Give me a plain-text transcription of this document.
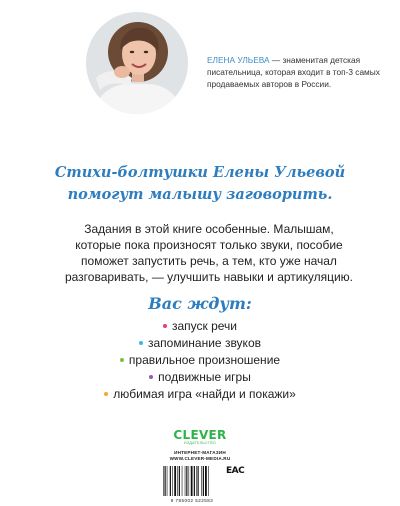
ЕЛЕНА УЛЬЕВА — знаменитая детская писательница, которая входит в топ-3 самых продаваемых авторов в России.
Стихи-болтушки Елены Ульевой
помогут малышу заговорить.
Задания в этой книге особенные. Малышам, которые пока произносят только звуки, пособие поможет запустить речь, а тем, кто уже начал разговаривать, — улучшить навыки и артикуляцию.
Вас ждут:
запуск речи
запоминание звуков
правильное произношение
подвижные игры
любимая игра «найди и покажи»
CLEVER
ИЗДАТЕЛЬСТВО
ИНТЕРНЕТ-МАГАЗИН
WWW.CLEVER-MEDIA.RU
9 785002 522583
EAC
